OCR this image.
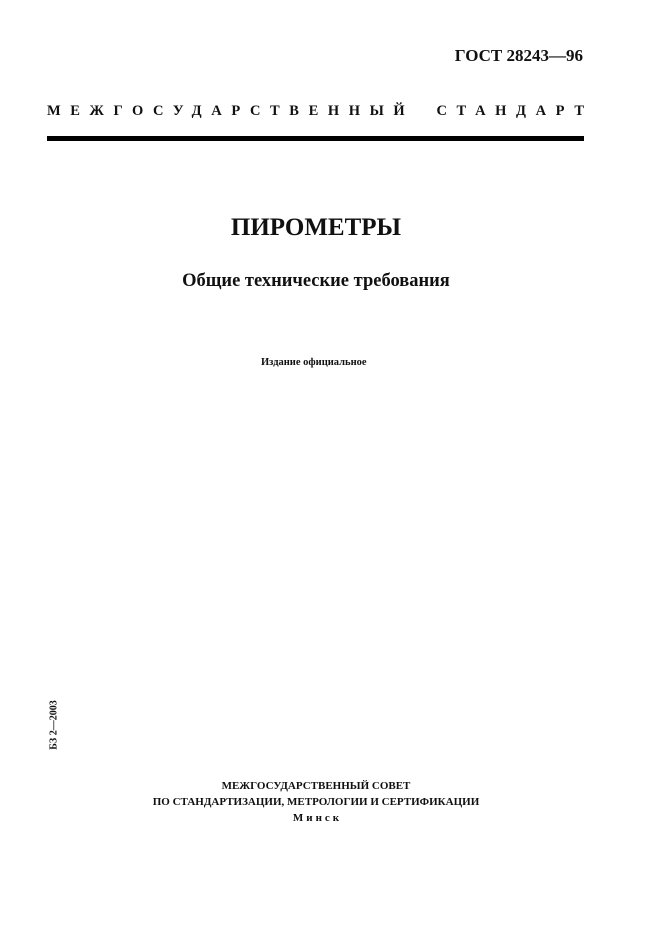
ГОСТ 28243—96
МЕЖГОСУДАРСТВЕННЫЙ СТАНДАРТ
ПИРОМЕТРЫ
Общие технические требования
Издание официальное
БЗ 2—2003
МЕЖГОСУДАРСТВЕННЫЙ СОВЕТ
ПО СТАНДАРТИЗАЦИИ, МЕТРОЛОГИИ И СЕРТИФИКАЦИИ
Минск
